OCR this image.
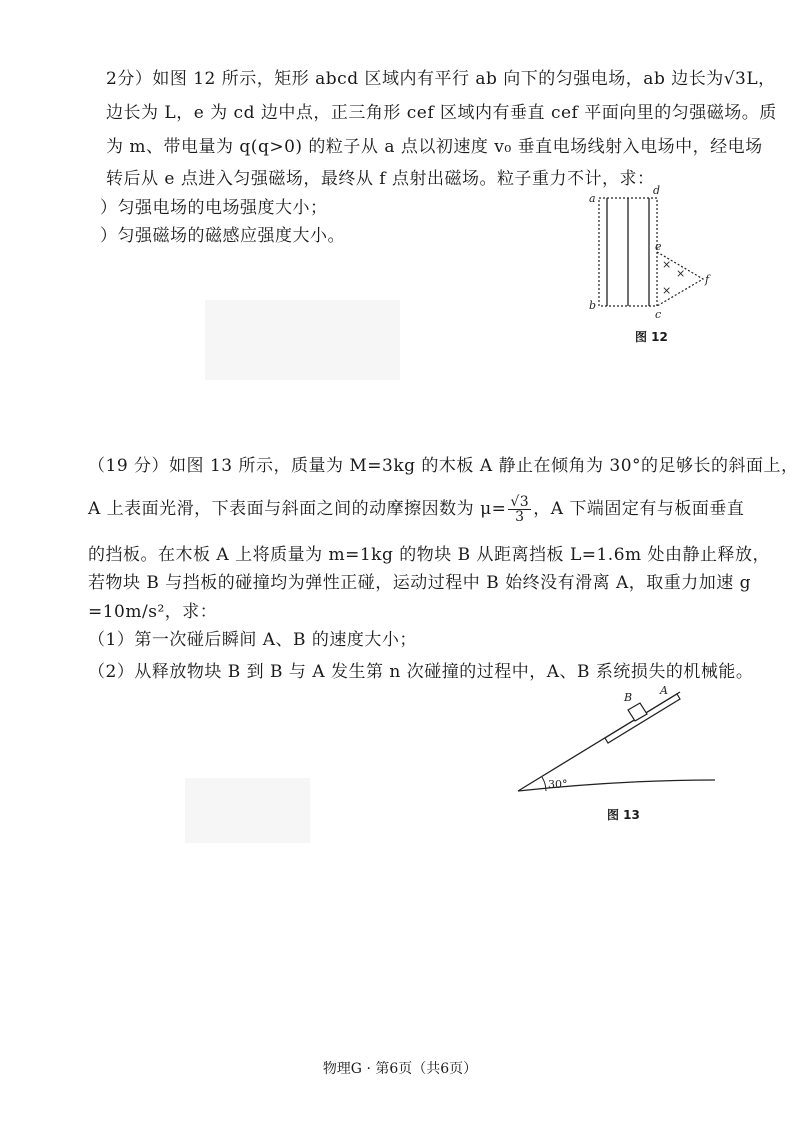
2分）如图 12 所示，矩形 abcd 区域内有平行 ab 向下的匀强电场，ab 边长为√3L，
边长为 L，e 为 cd 边中点，正三角形 cef 区域内有垂直 cef 平面向里的匀强磁场。质
为 m、带电量为 q(q>0) 的粒子从 a 点以初速度 v₀ 垂直电场线射入电场中，经电场
转后从 e 点进入匀强磁场，最终从 f 点射出磁场。粒子重力不计，求：
）匀强电场的电场强度大小；
）匀强磁场的磁感应强度大小。
×
×
×
a
d
e
f
b
c
图 12
（19 分）如图 13 所示，质量为 M=3kg 的木板 A 静止在倾角为 30°的足够长的斜面上，
A 上表面光滑，下表面与斜面之间的动摩擦因数为 $\mu= \frac{√3}{3}$ ，A 下端固定有与板面垂直
的挡板。在木板 A 上将质量为 m=1kg 的物块 B 从距离挡板 L=1.6m 处由静止释放，
若物块 B 与挡板的碰撞均为弹性正碰，运动过程中 B 始终没有滑离 A，取重力加速 g
=10m/s²，求：
（1）第一次碰后瞬间 A、B 的速度大小；
（2）从释放物块 B 到 B 与 A 发生第 n 次碰撞的过程中，A、B 系统损失的机械能。
B
A
30°
图 13
物理G · 第6页（共6页）
